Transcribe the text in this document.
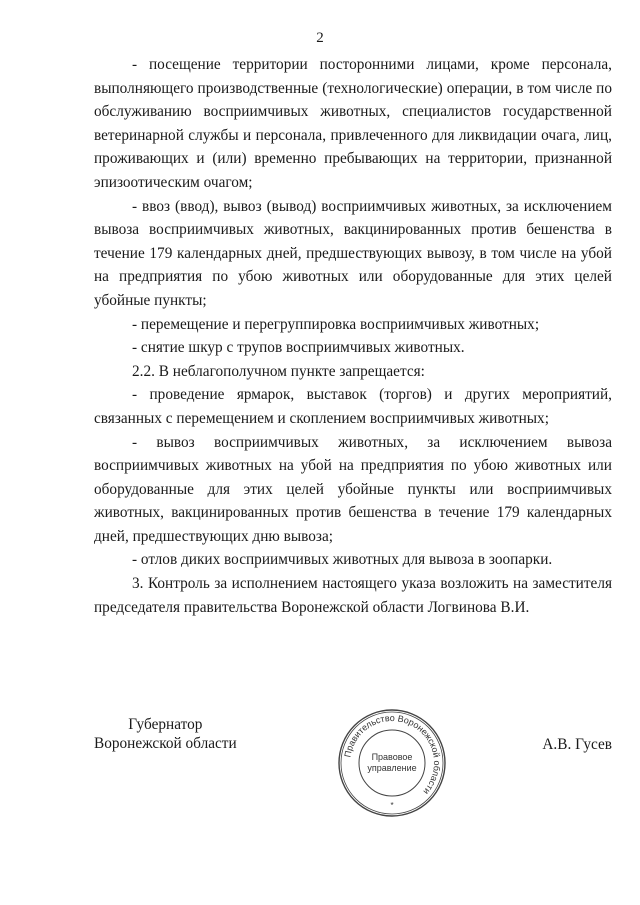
2

- посещение территории посторонними лицами, кроме персонала, выполняющего производственные (технологические) операции, в том числе по обслуживанию восприимчивых животных, специалистов государственной ветеринарной службы и персонала, привлеченного для ликвидации очага, лиц, проживающих и (или) временно пребывающих на территории, признанной эпизоотическим очагом;

- ввоз (ввод), вывоз (вывод) восприимчивых животных, за исключением вывоза восприимчивых животных, вакцинированных против бешенства в течение 179 календарных дней, предшествующих вывозу, в том числе на убой на предприятия по убою животных или оборудованные для этих целей убойные пункты;

- перемещение и перегруппировка восприимчивых животных;

- снятие шкур с трупов восприимчивых животных.

2.2. В неблагополучном пункте запрещается:

- проведение ярмарок, выставок (торгов) и других мероприятий, связанных с перемещением и скоплением восприимчивых животных;

- вывоз восприимчивых животных, за исключением вывоза восприимчивых животных на убой на предприятия по убою животных или оборудованные для этих целей убойные пункты или восприимчивых животных, вакцинированных против бешенства в течение 179 календарных дней, предшествующих дню вывоза;

- отлов диких восприимчивых животных для вывоза в зоопарки.

3. Контроль за исполнением настоящего указа возложить на заместителя председателя правительства Воронежской области Логвинова В.И.

Губернатор
Воронежской области
Правительство Воронежской области
Правовое
управление
*
А.В. Гусев
